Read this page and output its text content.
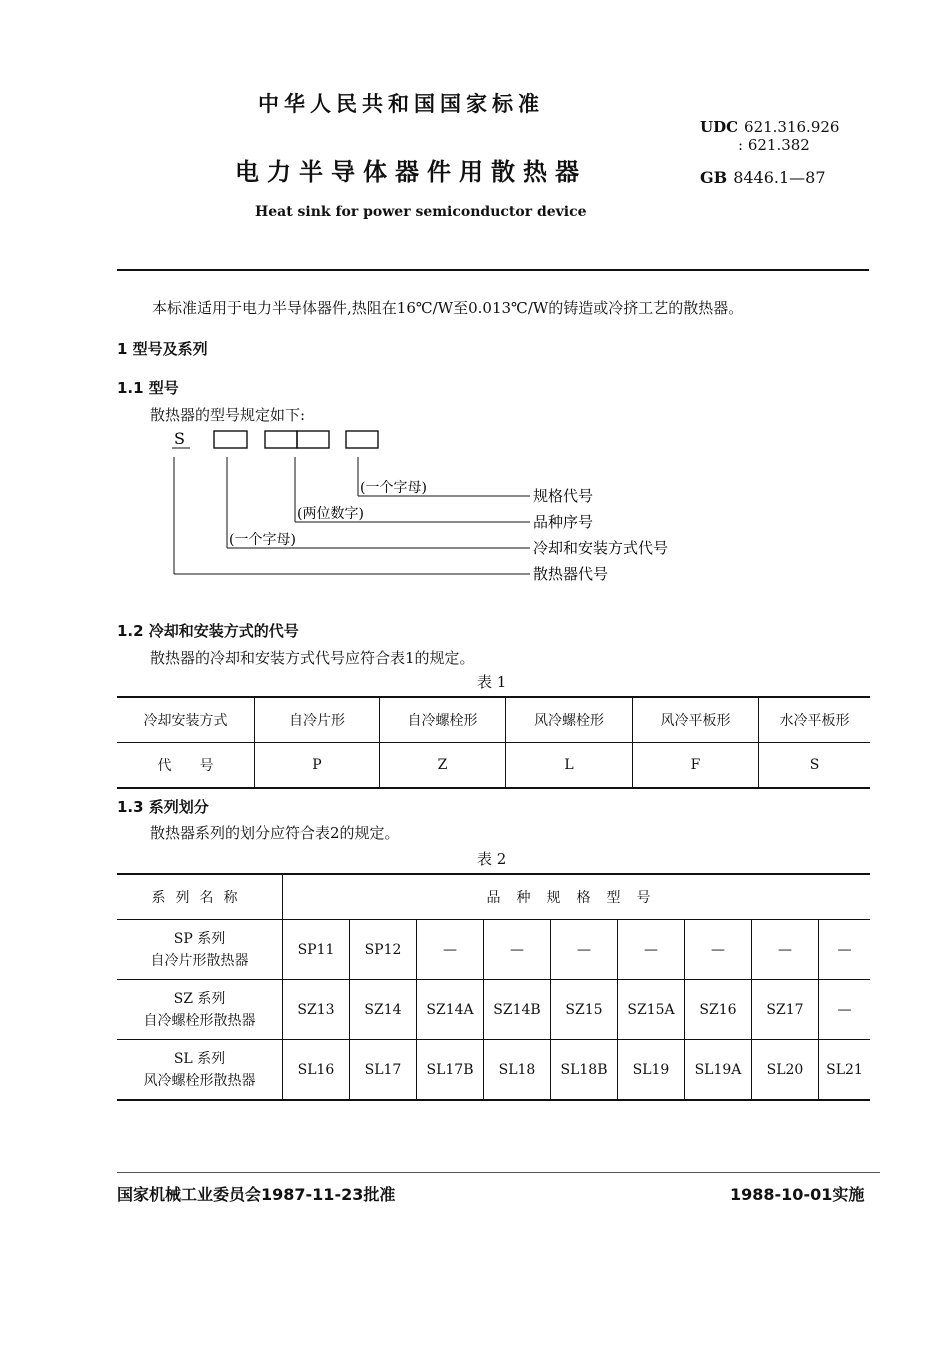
中华人民共和国国家标准
电力半导体器件用散热器
Heat sink for power semiconductor device
UDC 621.316.926
: 621.382
GB 8446.1—87
本标准适用于电力半导体器件,热阻在16℃/W至0.013℃/W的铸造或冷挤工艺的散热器。
1 型号及系列
1.1 型号
散热器的型号规定如下:
S
(一个字母)
(两位数字)
(一个字母)
规格代号
品种序号
冷却和安装方式代号
散热器代号
1.2 冷却和安装方式的代号
散热器的冷却和安装方式代号应符合表1的规定。
表 1
冷却安装方式	自冷片形	自冷螺栓形	风冷螺栓形	风冷平板形	水冷平板形
代　　号	P	Z	L	F	S
1.3 系列划分
散热器系列的划分应符合表2的规定。
表 2
系列名称	品种规格型号								
SP 系列
自冷片形散热器	SP11	SP12	—	—	—	—	—	—	—
SZ 系列
自冷螺栓形散热器	SZ13	SZ14	SZ14A	SZ14B	SZ15	SZ15A	SZ16	SZ17	—
SL 系列
风冷螺栓形散热器	SL16	SL17	SL17B	SL18	SL18B	SL19	SL19A	SL20	SL21
国家机械工业委员会1987-11-23批准	1988-10-01实施
